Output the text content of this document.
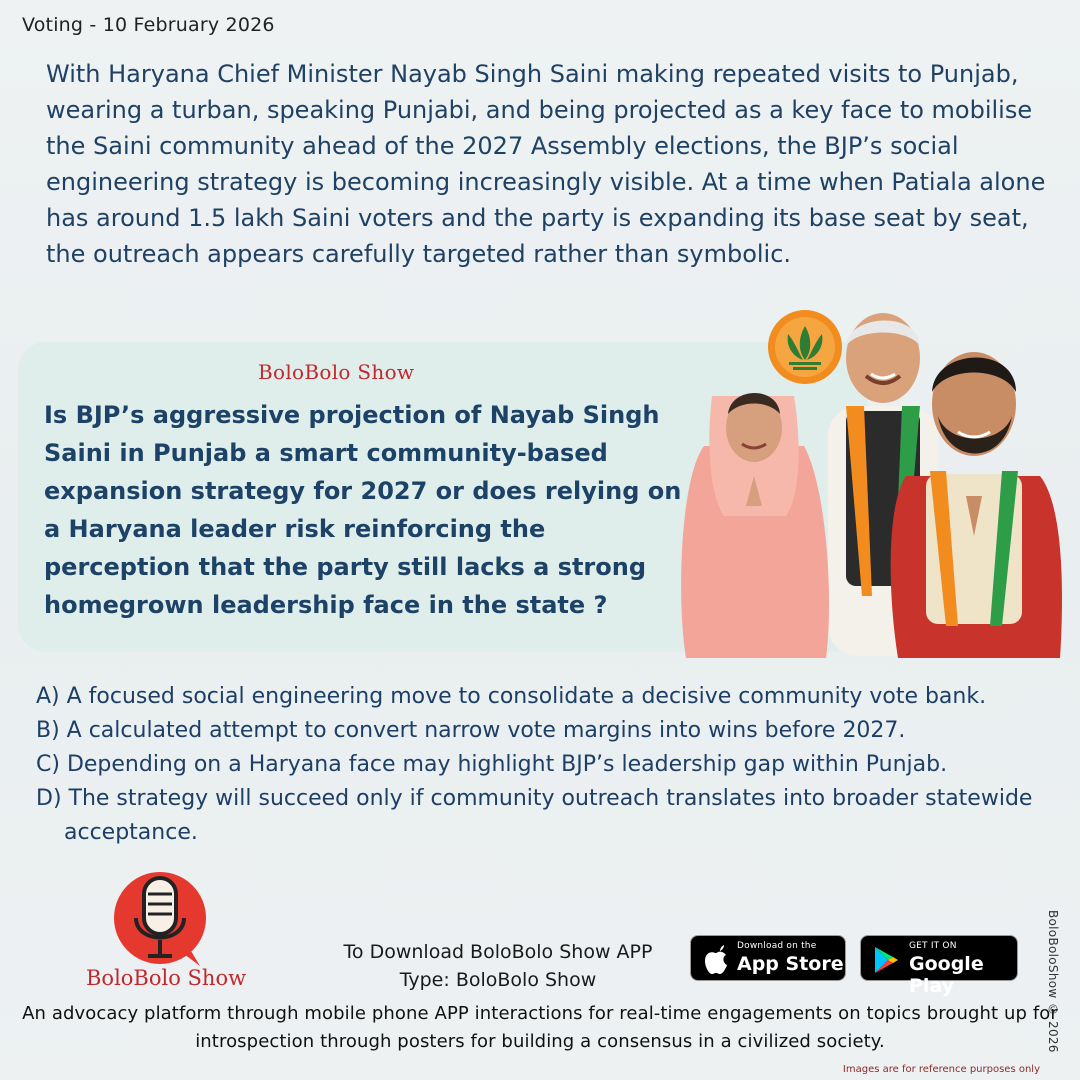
Voting - 10 February 2026

With Haryana Chief Minister Nayab Singh Saini making repeated visits to Punjab, wearing a turban, speaking Punjabi, and being projected as a key face to mobilise the Saini community ahead of the 2027 Assembly elections, the BJP’s social engineering strategy is becoming increasingly visible. At a time when Patiala alone has around 1.5 lakh Saini voters and the party is expanding its base seat by seat, the outreach appears carefully targeted rather than symbolic.

BoloBolo Show

Is BJP’s aggressive projection of Nayab Singh Saini in Punjab a smart community-based expansion strategy for 2027 or does relying on a Haryana leader risk reinforcing the perception that the party still lacks a strong homegrown leadership face in the state ?

A) A focused social engineering move to consolidate a decisive community vote bank.
B) A calculated attempt to convert narrow vote margins into wins before 2027.
C) Depending on a Haryana face may highlight BJP’s leadership gap within Punjab.
D) The strategy will succeed only if community outreach translates into broader statewide acceptance.
BoloBolo Show
To Download BoloBolo Show APP
Type: BoloBolo Show
Download on the
App Store
GET IT ON
Google Play

An advocacy platform through mobile phone APP interactions for real-time engagements on topics brought up for introspection through posters for building a consensus in a civilized society.	BoloBoloShow © 2026
Images are for reference purposes only
